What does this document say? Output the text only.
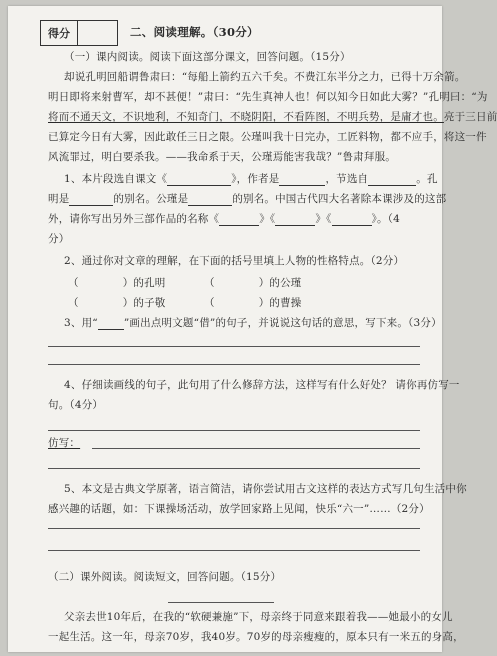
得分	二、阅读理解。（30分）
（一）课内阅读。阅读下面这部分课文，回答问题。（15分）
却说孔明回船谓鲁肃曰：“每船上箭约五六千矣。不费江东半分之力，已得十万余箭。
明日即将来射曹军，却不甚便！”肃曰：“先生真神人也！何以知今日如此大雾？”孔明曰：“为
将而不通天文，不识地利，不知奇门，不晓阴阳，不看阵图，不明兵势，是庸才也。亮于三日前
已算定今日有大雾，因此敢任三日之限。公瑾叫我十日完办，工匠料物，都不应手，将这一件
风流罪过，明白要杀我。——我命系于天，公瑾焉能害我哉？”鲁肃拜服。
1、本片段选自课文《	》，作者是	，节选自	。孔
明是	的别名。公瑾是	的别名。中国古代四大名著除本课涉及的这部
外，请你写出另外三部作品的名称《	》《	》《	》。（4
分）
2、通过你对文章的理解，在下面的括号里填上人物的性格特点。（2分）
（	）的孔明	（	）的公瑾
（	）的子敬	（	）的曹操
3、用“ ”画出点明文题“借”的句子，并说说这句话的意思，写下来。（3分）
4、仔细读画线的句子，此句用了什么修辞方法，这样写有什么好处？ 请你再仿写一
句。（4分）
仿写：
5、本文是古典文学原著，语言简洁，请你尝试用古文这样的表达方式写几句生活中你
感兴趣的话题，如：下课操场活动，放学回家路上见闻，快乐“六一”……（2分）
（二）课外阅读。阅读短文，回答问题。（15分）
父亲去世10年后，在我的“软硬兼施”下，母亲终于同意来跟着我——她最小的女儿
一起生活。这一年，母亲70岁，我40岁。70岁的母亲瘦瘦的，原本只有一米五的身高，
